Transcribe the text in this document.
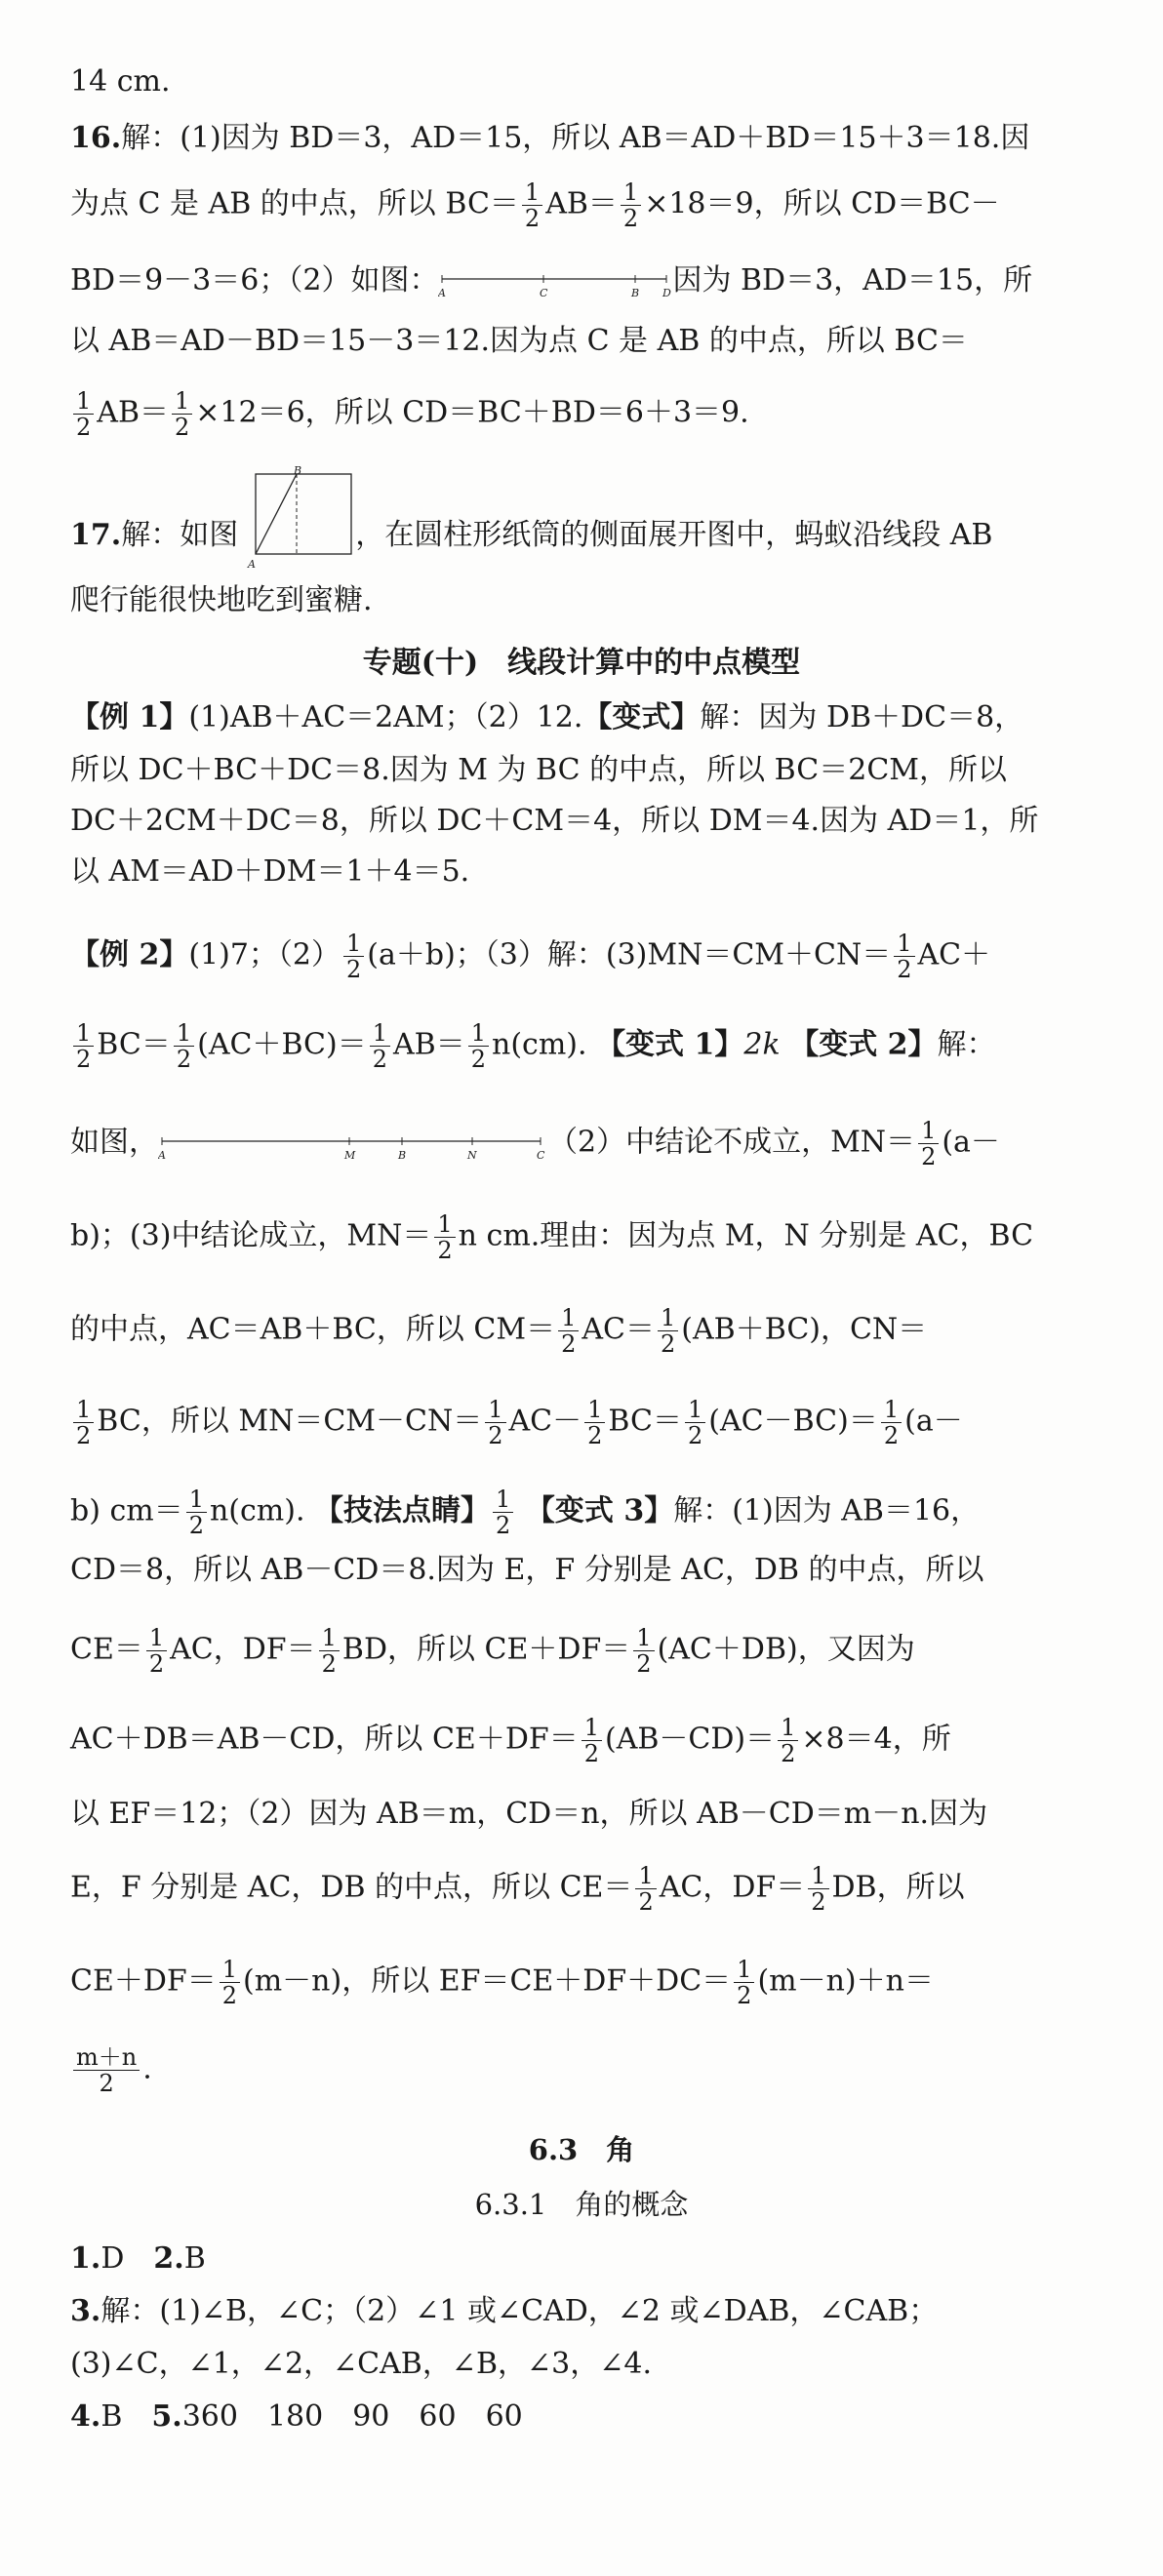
14 cm.
16.解：(1)因为 BD＝3，AD＝15，所以 AB＝AD＋BD＝15＋3＝18.因
为点 C 是 AB 的中点，所以 $BC= \frac{1}{2} AB= \frac{1}{2} \times 18=9$，所以 CD＝BC－
BD＝9－3＝6；（2）如图： A	C	B D 因为 BD＝3，AD＝15，所
以 AB＝AD－BD＝15－3＝12.因为点 C 是 AB 的中点，所以 BC＝
$\frac{1}{2} AB= \frac{1}{2} \times 12=6$，所以 CD＝BC＋BD＝6＋3＝9.
17.解：如图
B
A
，在圆柱形纸筒的侧面展开图中，蚂蚁沿线段 AB
爬行能很快地吃到蜜糖.
专题(十)　线段计算中的中点模型
【例 1】(1)AB＋AC＝2AM；（2）12.【变式】解：因为 DB＋DC＝8，
所以 DC＋BC＋DC＝8.因为 M 为 BC 的中点，所以 BC＝2CM，所以
DC＋2CM＋DC＝8，所以 DC＋CM＝4，所以 DM＝4.因为 AD＝1，所
以 AM＝AD＋DM＝1＋4＝5.
【例 2】(1)7；$(2) \frac{1}{2} (a+b)$；（3）解：$(3)MN=CM+CN= \frac{1}{2} AC+$
$\frac{1}{2} BC= \frac{1}{2} (AC+BC)= \frac{1}{2} AB= \frac{1}{2} n(cm)$. 【变式 1】2k 【变式 2】解：
如图， A	M	B	N	C （2）中结论不成立，$MN= \frac{1}{2} (a-$
b)；(3)中结论成立，$MN= \frac{1}{2}$ n cm.理由：因为点 M，N 分别是 AC，BC
的中点，AC＝AB＋BC，所以 $CM= \frac{1}{2} AC= \frac{1}{2} (AB+BC)$，CN＝
$\frac{1}{2}$ BC，所以 $MN=CM-CN= \frac{1}{2} AC- \frac{1}{2} BC= \frac{1}{2} (AC-BC)= \frac{1}{2} (a-$
b) $cm= \frac{1}{2} n(cm)$. 【技法点睛】 $\frac{1}{2}$ 【变式 3】解：(1)因为 AB＝16，
CD＝8，所以 AB－CD＝8.因为 E，F 分别是 AC，DB 的中点，所以
$CE= \frac{1}{2}$ AC，$DF= \frac{1}{2}$ BD，所以 $CE+DF= \frac{1}{2} (AC+DB)$，又因为
AC＋DB＝AB－CD，所以 $CE+DF= \frac{1}{2} (AB-CD)= \frac{1}{2} \times 8=4$，所
以 EF＝12；（2）因为 AB＝m，CD＝n，所以 AB－CD＝m－n.因为
E，F 分别是 AC，DB 的中点，所以 $CE= \frac{1}{2}$ AC，$DF= \frac{1}{2}$ DB，所以
$CE+DF= \frac{1}{2} (m-n)$，所以 $EF=CE+DF+DC= \frac{1}{2} (m-n)+n=$
$\frac{m+n}{2}$ .
6.3　角
6.3.1　角的概念
1.D　2.B
3.解：(1)∠B，∠C；（2）∠1 或∠CAD，∠2 或∠DAB，∠CAB；
(3)∠C，∠1，∠2，∠CAB，∠B，∠3，∠4.
4.B　5.360　180　90　60　60
